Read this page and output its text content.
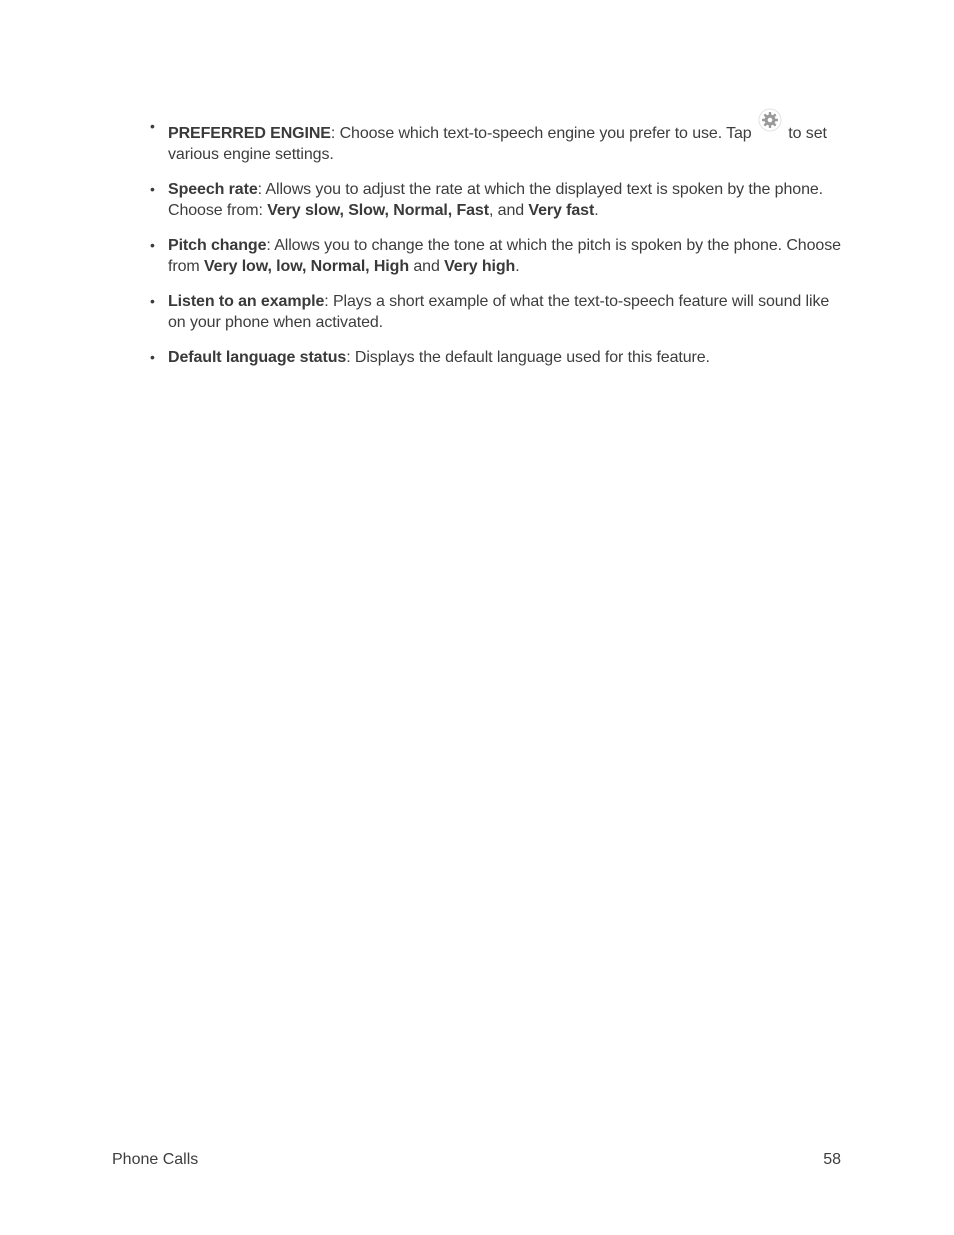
• PREFERRED ENGINE: Choose which text-to-speech engine you prefer to use. Tap  to set various engine settings.
• Speech rate: Allows you to adjust the rate at which the displayed text is spoken by the phone. Choose from: Very slow, Slow, Normal, Fast, and Very fast.
• Pitch change: Allows you to change the tone at which the pitch is spoken by the phone. Choose from Very low, low, Normal, High and Very high.
• Listen to an example: Plays a short example of what the text-to-speech feature will sound like on your phone when activated.
• Default language status: Displays the default language used for this feature.
Phone Calls	58
